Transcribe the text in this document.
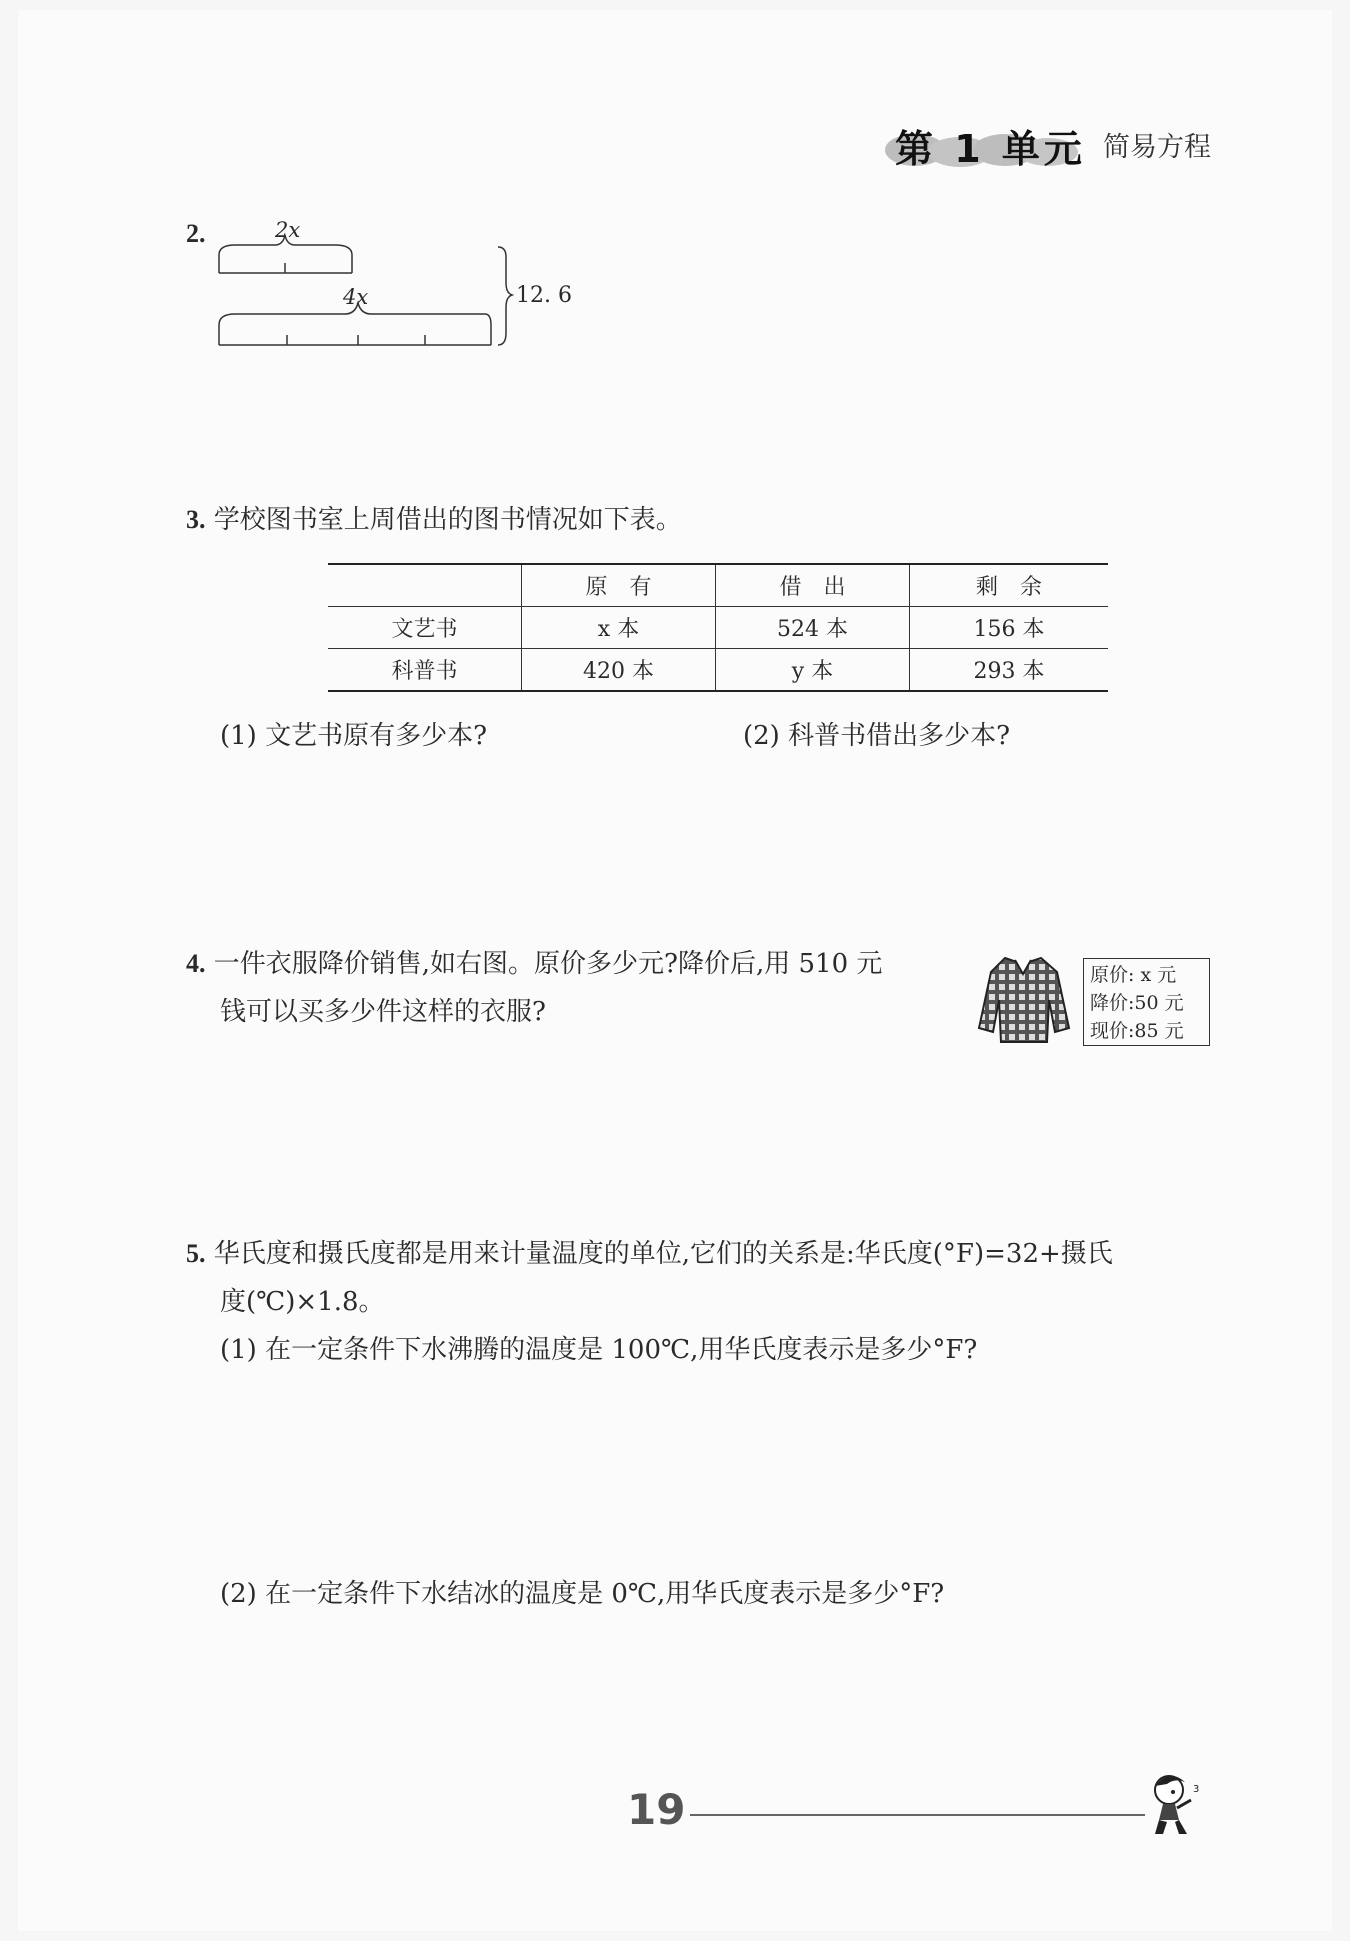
第 1 单元 简易方程
2.	2x
4x	12. 6
3. 学校图书室上周借出的图书情况如下表。
	原　有	借　出	剩　余
文艺书	x 本	524 本	156 本
科普书	420 本	y 本	293 本
(1) 文艺书原有多少本?	(2) 科普书借出多少本?
4. 一件衣服降价销售,如右图。原价多少元?降价后,用 510 元
钱可以买多少件这样的衣服?
原价: x 元
降价:50 元
现价:85 元
5. 华氏度和摄氏度都是用来计量温度的单位,它们的关系是:华氏度(°F)=32+摄氏
度(℃)×1.8。
(1) 在一定条件下水沸腾的温度是 100℃,用华氏度表示是多少°F?
(2) 在一定条件下水结冰的温度是 0℃,用华氏度表示是多少°F?
19	3
